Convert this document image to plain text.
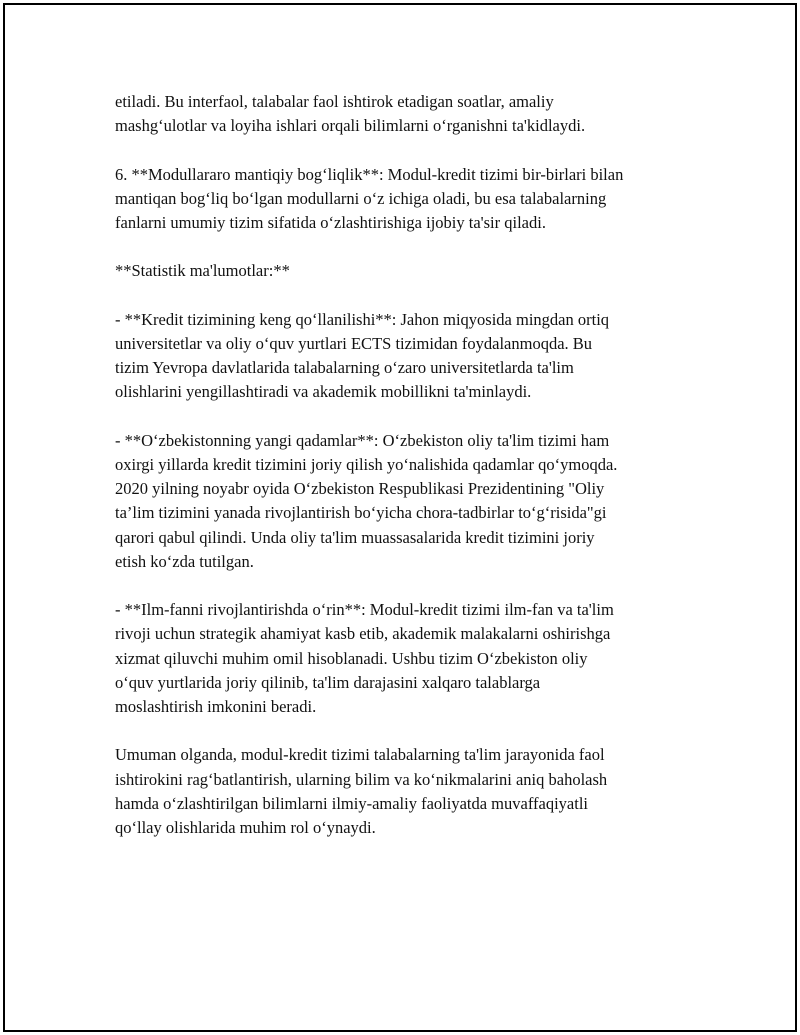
etiladi. Bu interfaol, talabalar faol ishtirok etadigan soatlar, amaliy
mashg‘ulotlar va loyiha ishlari orqali bilimlarni o‘rganishni ta'kidlaydi.
6. **Modullararo mantiqiy bog‘liqlik**: Modul-kredit tizimi bir-birlari bilan
mantiqan bog‘liq bo‘lgan modullarni o‘z ichiga oladi, bu esa talabalarning
fanlarni umumiy tizim sifatida o‘zlashtirishiga ijobiy ta'sir qiladi.
**Statistik ma'lumotlar:**
- **Kredit tizimining keng qo‘llanilishi**: Jahon miqyosida mingdan ortiq
universitetlar va oliy o‘quv yurtlari ECTS tizimidan foydalanmoqda. Bu
tizim Yevropa davlatlarida talabalarning o‘zaro universitetlarda ta'lim
olishlarini yengillashtiradi va akademik mobillikni ta'minlaydi.
- **O‘zbekistonning yangi qadamlar**: O‘zbekiston oliy ta'lim tizimi ham
oxirgi yillarda kredit tizimini joriy qilish yo‘nalishida qadamlar qo‘ymoqda.
2020 yilning noyabr oyida O‘zbekiston Respublikasi Prezidentining "Oliy
ta’lim tizimini yanada rivojlantirish bo‘yicha chora-tadbirlar to‘g‘risida"gi
qarori qabul qilindi. Unda oliy ta'lim muassasalarida kredit tizimini joriy
etish ko‘zda tutilgan.
- **Ilm-fanni rivojlantirishda o‘rin**: Modul-kredit tizimi ilm-fan va ta'lim
rivoji uchun strategik ahamiyat kasb etib, akademik malakalarni oshirishga
xizmat qiluvchi muhim omil hisoblanadi. Ushbu tizim O‘zbekiston oliy
o‘quv yurtlarida joriy qilinib, ta'lim darajasini xalqaro talablarga
moslashtirish imkonini beradi.
Umuman olganda, modul-kredit tizimi talabalarning ta'lim jarayonida faol
ishtirokini rag‘batlantirish, ularning bilim va ko‘nikmalarini aniq baholash
hamda o‘zlashtirilgan bilimlarni ilmiy-amaliy faoliyatda muvaffaqiyatli
qo‘llay olishlarida muhim rol o‘ynaydi.
